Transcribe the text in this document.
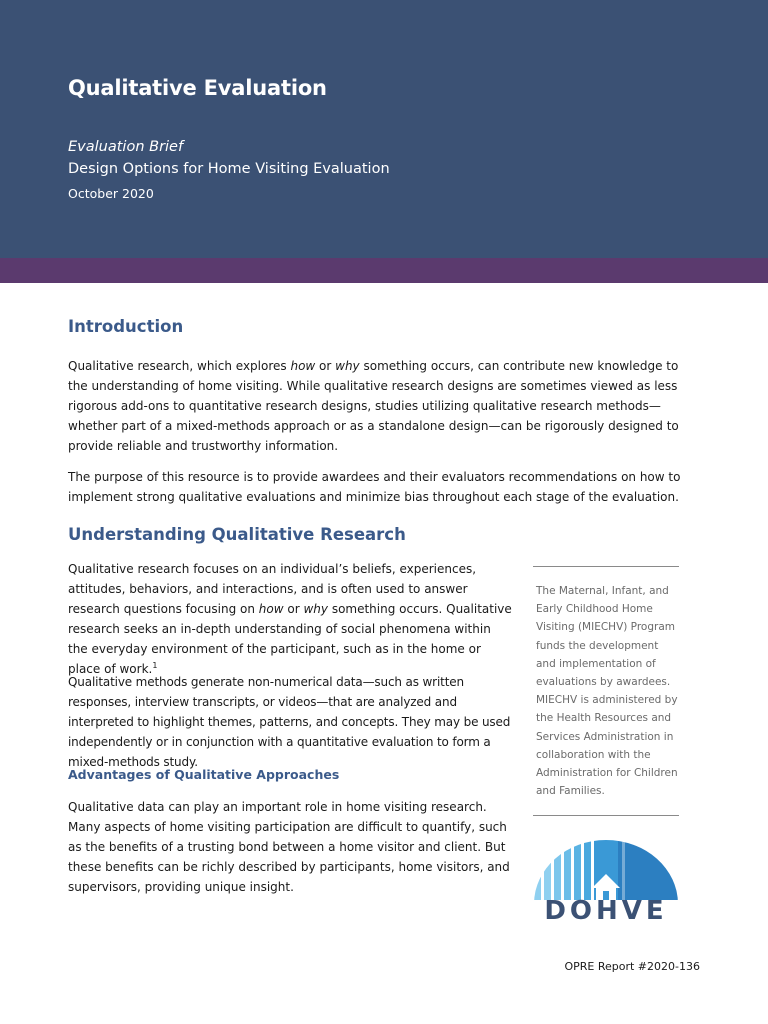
Qualitative Evaluation

Evaluation Brief

Design Options for Home Visiting Evaluation

October 2020

Introduction

Qualitative research, which explores how or why something occurs, can contribute new knowledge to the understanding of home visiting. While qualitative research designs are sometimes viewed as less rigorous add-ons to quantitative research designs, studies utilizing qualitative research methods—whether part of a mixed-methods approach or as a standalone design—can be rigorously designed to provide reliable and trustworthy information.

The purpose of this resource is to provide awardees and their evaluators recommendations on how to implement strong qualitative evaluations and minimize bias throughout each stage of the evaluation.

Understanding Qualitative Research

Qualitative research focuses on an individual’s beliefs, experiences, attitudes, behaviors, and interactions, and is often used to answer research questions focusing on how or why something occurs. Qualitative research seeks an in-depth understanding of social phenomena within the everyday environment of the participant, such as in the home or place of work.$^1$

Qualitative methods generate non-numerical data—such as written responses, interview transcripts, or videos—that are analyzed and interpreted to highlight themes, patterns, and concepts. They may be used independently or in conjunction with a quantitative evaluation to form a mixed-methods study.

Advantages of Qualitative Approaches

Qualitative data can play an important role in home visiting research. Many aspects of home visiting participation are difficult to quantify, such as the benefits of a trusting bond between a home visitor and client. But these benefits can be richly described by participants, home visitors, and supervisors, providing unique insight.

The Maternal, Infant, and Early Childhood Home Visiting (MIECHV) Program funds the development and implementation of evaluations by awardees. MIECHV is administered by the Health Resources and Services Administration in collaboration with the Administration for Children and Families.

DOHVE

OPRE Report #2020-136
